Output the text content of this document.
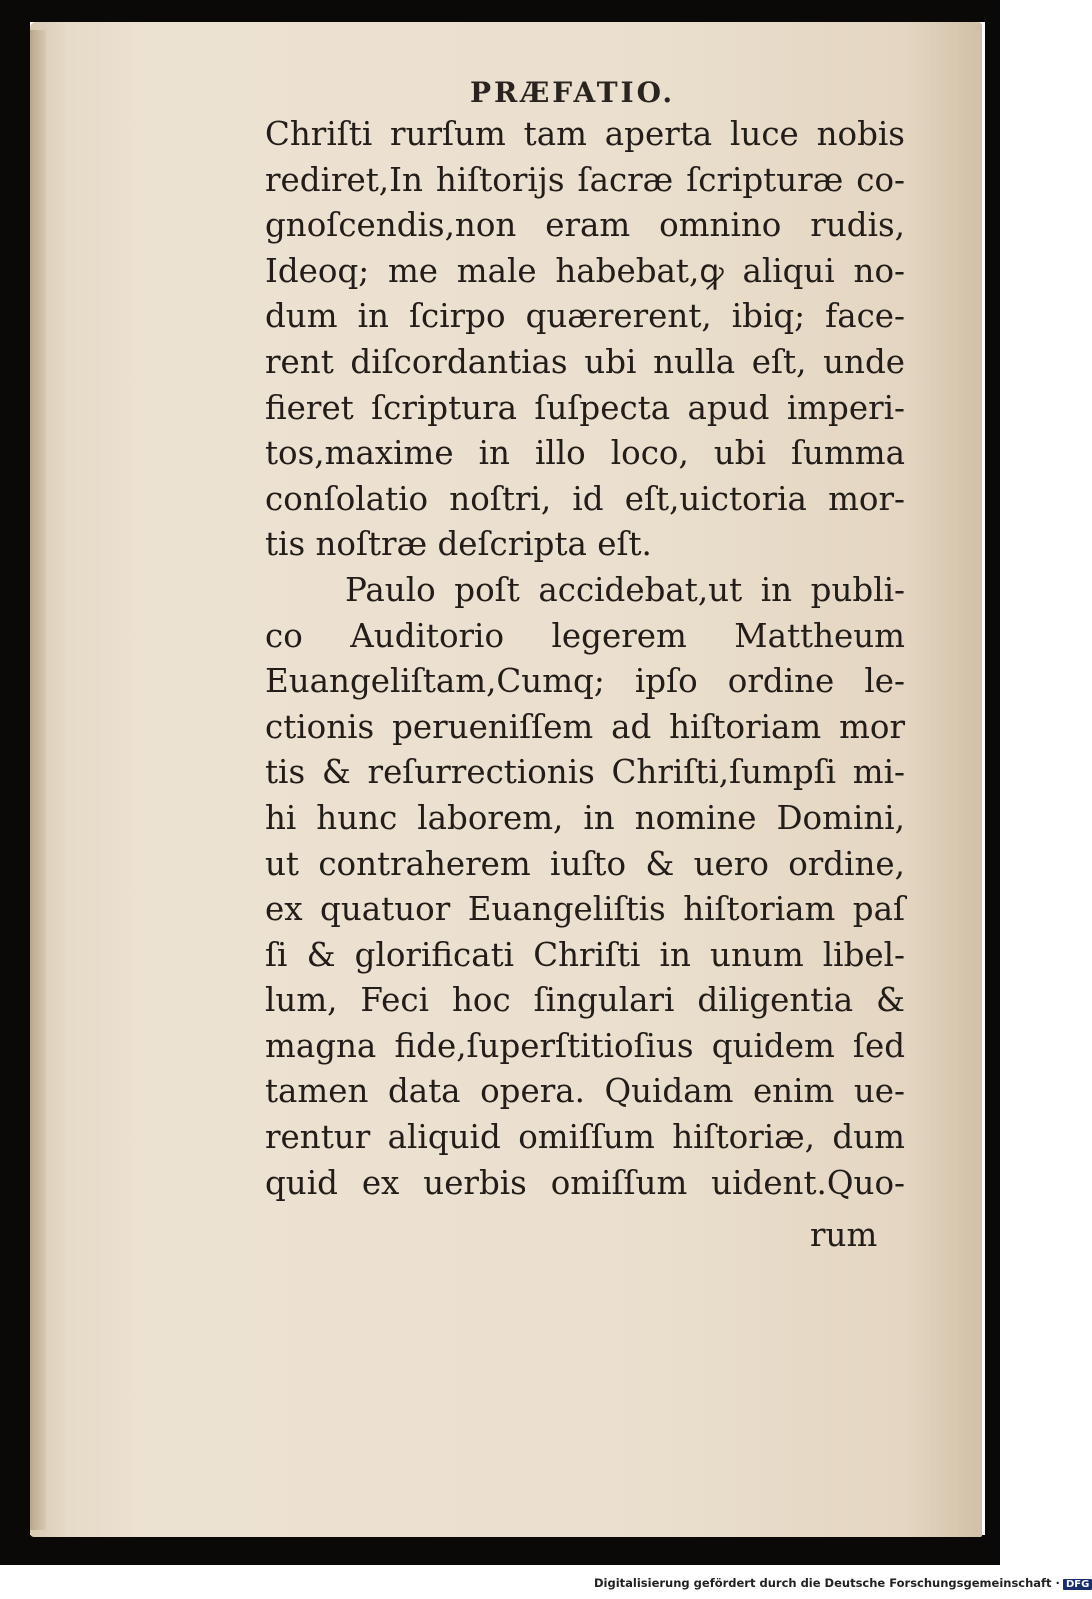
PRÆFATIO.
Chriſti rurſum tam aperta luce nobis
rediret,In hiſtorijs ſacræ ſcripturæ co-
gnoſcendis,non eram omnino rudis,
Ideoq; me male habebat,ꝙ aliqui no-
dum in ſcirpo quærerent, ibiq; face-
rent diſcordantias ubi nulla eſt, unde
fieret ſcriptura ſuſpecta apud imperi-
tos,maxime in illo loco, ubi ſumma
conſolatio noſtri, id eſt,uictoria mor-
tis noſtræ deſcripta eſt.
Paulo poſt accidebat,ut in publi-
co Auditorio legerem Mattheum
Euangeliſtam,Cumq; ipſo ordine le-
ctionis perueniſſem ad hiſtoriam mor
tis & reſurrectionis Chriſti,ſumpſi mi-
hi hunc laborem, in nomine Domini,
ut contraherem iuſto & uero ordine,
ex quatuor Euangeliſtis hiſtoriam paſ
ſi & glorificati Chriſti in unum libel-
lum, Feci hoc ſingulari diligentia &
magna fide,ſuperſtitioſius quidem ſed
tamen data opera. Quidam enim ue-
rentur aliquid omiſſum hiſtoriæ, dum
quid ex uerbis omiſſum uident.Quo-
rum
Digitalisierung gefördert durch die Deutsche Forschungsgemeinschaft · DFG
